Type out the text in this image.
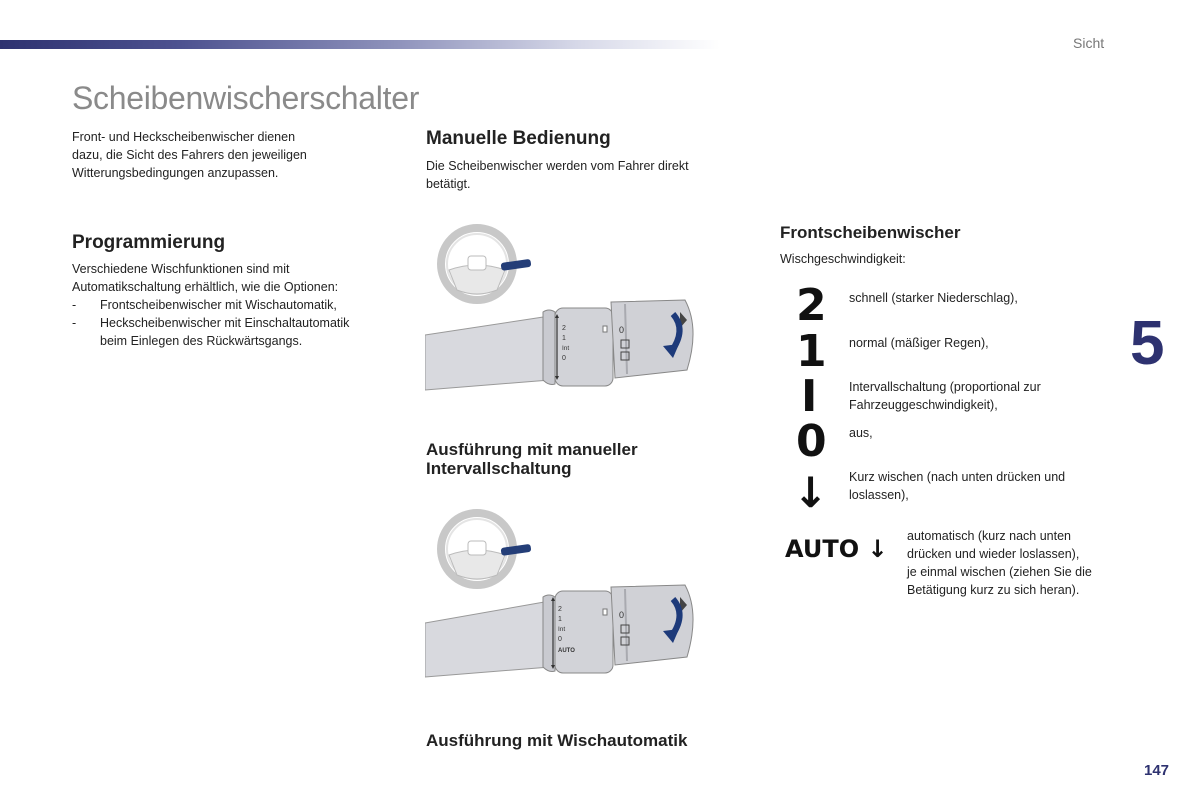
Sicht
Scheibenwischerschalter
5
147
Front- und Heckscheibenwischer dienen
dazu, die Sicht des Fahrers den jeweiligen
Witterungsbedingungen anzupassen.
Programmierung
Verschiedene Wischfunktionen sind mit
Automatikschaltung erhältlich, wie die Optionen:
- Frontscheibenwischer mit Wischautomatik,
- Heckscheibenwischer mit Einschaltautomatik
beim Einlegen des Rückwärtsgangs.
Manuelle Bedienung
Die Scheibenwischer werden vom Fahrer direkt
betätigt.
2
1
Int
0
0
Ausführung mit manueller
Intervallschaltung
2
1
Int
0
AUTO
0
Ausführung mit Wischautomatik
Frontscheibenwischer
Wischgeschwindigkeit:
2 schnell (starker Niederschlag),
1 normal (mäßiger Regen),
I	Intervallschaltung (proportional zur
Fahrzeuggeschwindigkeit),
0 aus,
↓ Kurz wischen (nach unten drücken und
loslassen),
AUTO ↓ automatisch (kurz nach unten
drücken und wieder loslassen),
je einmal wischen (ziehen Sie die
Betätigung kurz zu sich heran).
